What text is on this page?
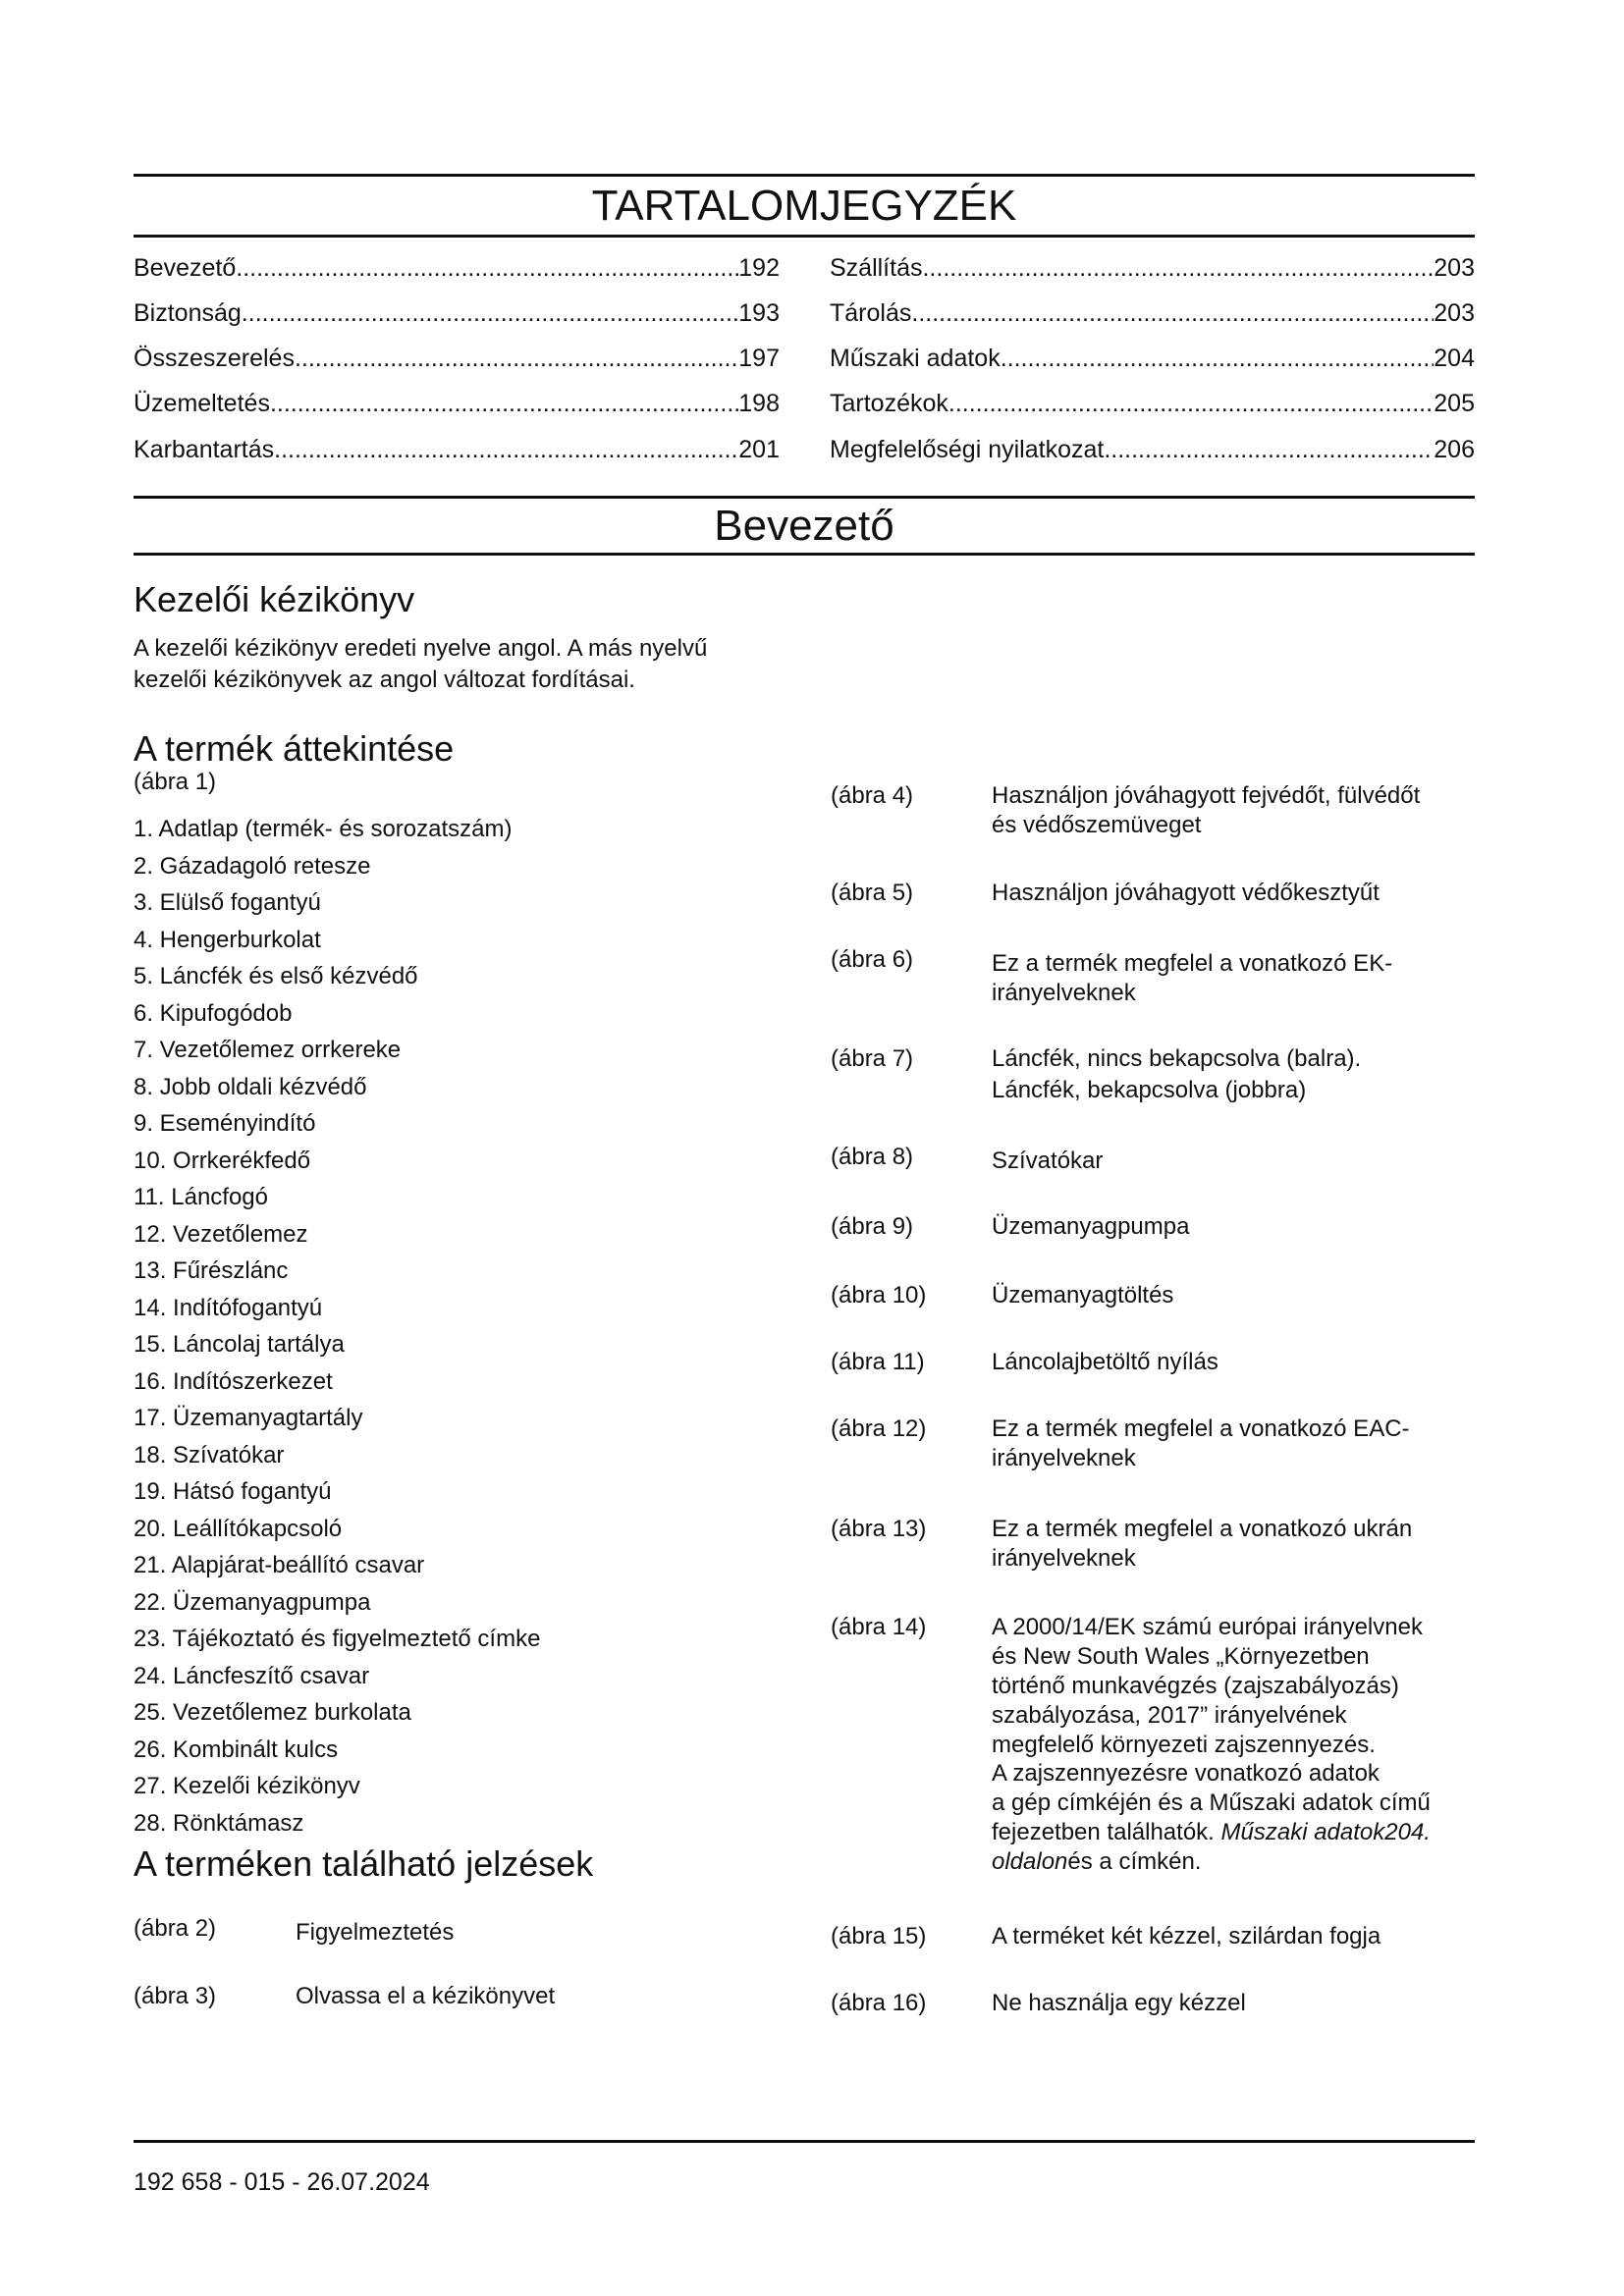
TARTALOMJEGYZÉK
Bevezető .....	192
Biztonság .....	193
Összeszerelés .....	197
Üzemeltetés .....	198
Karbantartás .....	201
Szállítás .....	203
Tárolás .....	203
Műszaki adatok .....	204
Tartozékok .....	205
Megfelelőségi nyilatkozat .....	206
Bevezető
Kezelői kézikönyv
A kezelői kézikönyv eredeti nyelve angol. A más nyelvű
kezelői kézikönyvek az angol változat fordításai.
A termék áttekintése
(ábra 1)
1. Adatlap (termék- és sorozatszám)
2. Gázadagoló retesze
3. Elülső fogantyú
4. Hengerburkolat
5. Láncfék és első kézvédő
6. Kipufogódob
7. Vezetőlemez orrkereke
8. Jobb oldali kézvédő
9. Eseményindító
10. Orrkerékfedő
11. Láncfogó
12. Vezetőlemez
13. Fűrészlánc
14. Indítófogantyú
15. Láncolaj tartálya
16. Indítószerkezet
17. Üzemanyagtartály
18. Szívatókar
19. Hátsó fogantyú
20. Leállítókapcsoló
21. Alapjárat-beállító csavar
22. Üzemanyagpumpa
23. Tájékoztató és figyelmeztető címke
24. Láncfeszítő csavar
25. Vezetőlemez burkolata
26. Kombinált kulcs
27. Kezelői kézikönyv
28. Rönktámasz
A terméken található jelzések
(ábra 2)	Figyelmeztetés
(ábra 3)	Olvassa el a kézikönyvet
(ábra 4)	Használjon jóváhagyott fejvédőt, fülvédőt
és védőszemüveget
(ábra 5)	Használjon jóváhagyott védőkesztyűt
(ábra 6)	Ez a termék megfelel a vonatkozó EK-
irányelveknek
(ábra 7)	Láncfék, nincs bekapcsolva (balra).
Láncfék, bekapcsolva (jobbra)
(ábra 8)	Szívatókar
(ábra 9)	Üzemanyagpumpa
(ábra 10)	Üzemanyagtöltés
(ábra 11)	Láncolajbetöltő nyílás
(ábra 12)	Ez a termék megfelel a vonatkozó EAC-
irányelveknek
(ábra 13)	Ez a termék megfelel a vonatkozó ukrán
irányelveknek
(ábra 14)	A 2000/14/EK számú európai irányelvnek
és New South Wales „Környezetben
történő munkavégzés (zajszabályozás)
szabályozása, 2017” irányelvének
megfelelő környezeti zajszennyezés.
A zajszennyezésre vonatkozó adatok
a gép címkéjén és a Műszaki adatok című
fejezetben találhatók. Műszaki adatok204.
oldalonés a címkén.
(ábra 15)	A terméket két kézzel, szilárdan fogja
(ábra 16)	Ne használja egy kézzel
192 658 - 015 - 26.07.2024
